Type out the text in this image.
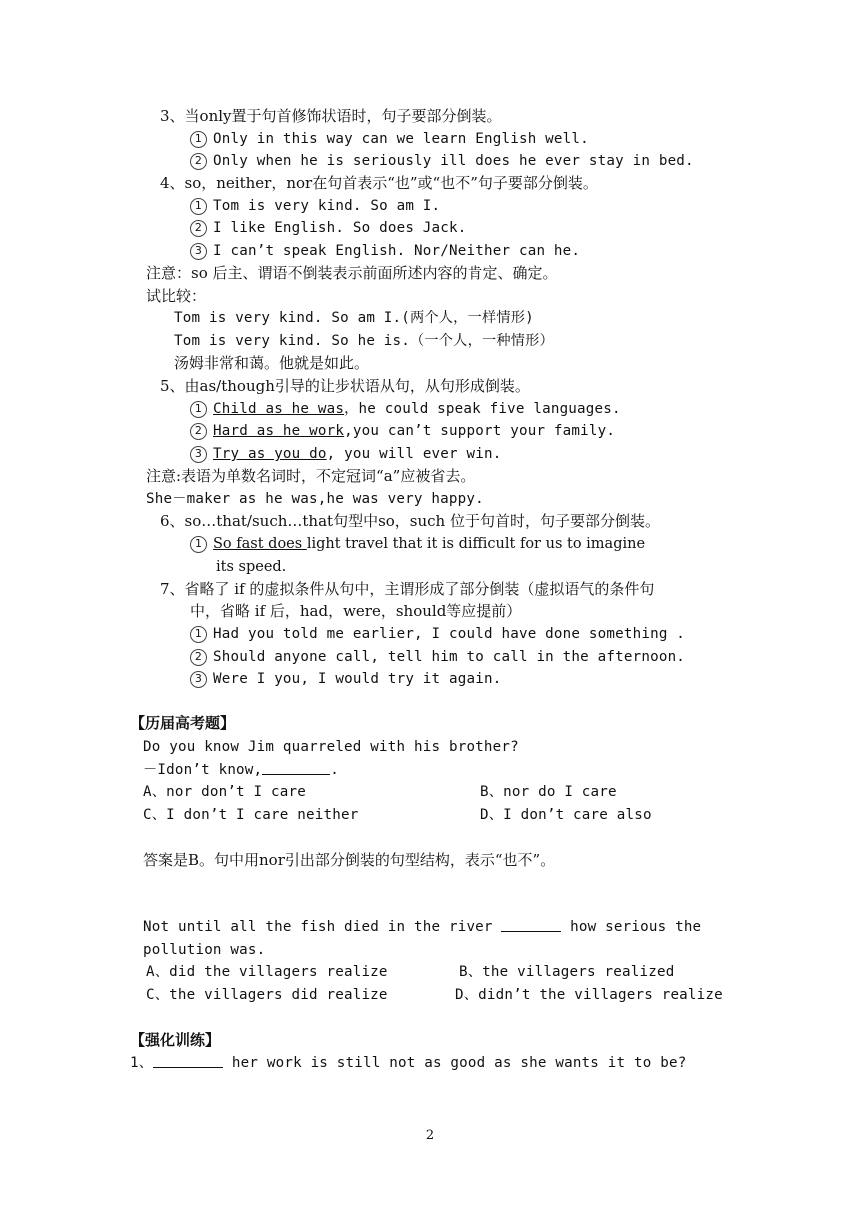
3、当only置于句首修饰状语时，句子要部分倒装。
1 Only in this way can we learn English well.
2 Only when he is seriously ill does he ever stay in bed.
4、so，neither，nor在句首表示“也”或“也不”句子要部分倒装。
1 Tom is very kind. So am I.
2 I like English. So does Jack.
3 I can’t speak English. Nor/Neither can he.
注意：so 后主、谓语不倒装表示前面所述内容的肯定、确定。
试比较：
Tom is very kind. So am I.(两个人，一样情形)
Tom is very kind. So he is.（一个人，一种情形）
汤姆非常和蔼。他就是如此。
5、由as/though引导的让步状语从句，从句形成倒装。
1 Child as he was，he could speak five languages.
2 Hard as he work,you can’t support your family.
3 Try as you do, you will ever win.
注意:表语为单数名词时，不定冠词“a”应被省去。
She－maker as he was,he was very happy.
6、so…that/such…that句型中so，such 位于句首时，句子要部分倒装。
1 So fast does light travel that it is difficult for us to imagine
its speed.
7、省略了 if 的虚拟条件从句中，主谓形成了部分倒装（虚拟语气的条件句
中，省略 if 后，had，were，should等应提前）
1 Had you told me earlier, I could have done something .
2 Should anyone call, tell him to call in the afternoon.
3 Were I you, I would try it again.
【历届高考题】
Do you know Jim quarreled with his brother?
－Idon’t know,	.
A、nor don’t I care	B、nor do I care
C、I don’t I care neither	D、I don’t care also
答案是B。句中用nor引出部分倒装的句型结构，表示“也不”。
Not until all the fish died in the river	how serious the
pollution was.
A、did the villagers realize	B、the villagers realized
C、the villagers did realize	D、didn’t the villagers realize
【强化训练】
1、	her work is still not as good as she wants it to be?
2
